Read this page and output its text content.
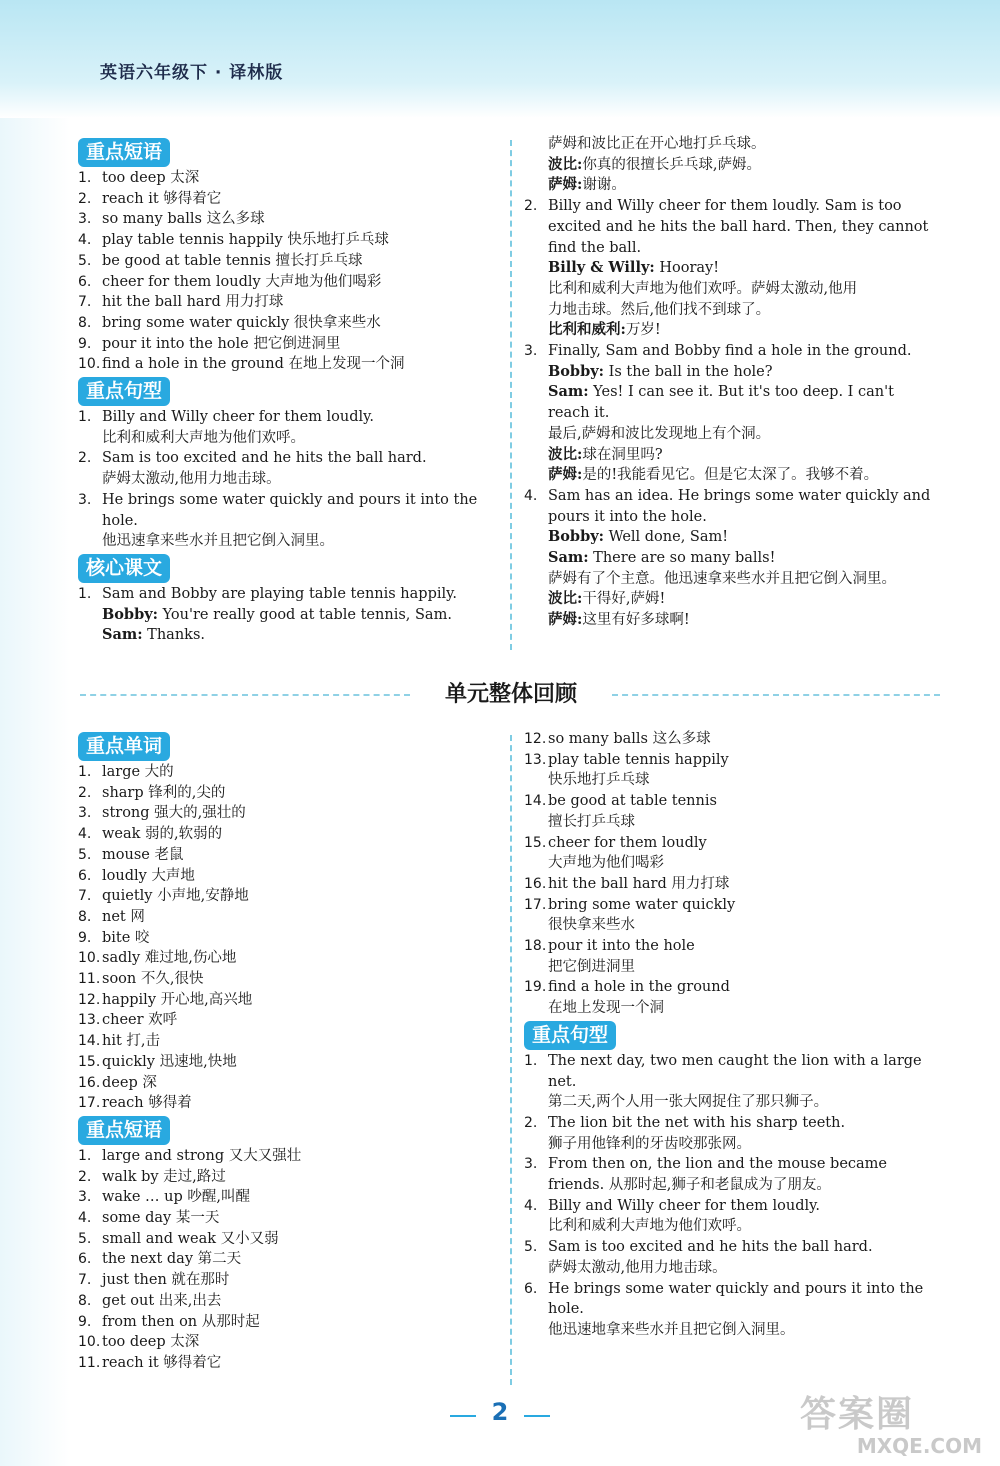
英语六年级下 · 译林版
重点短语
1. too deep 太深
2. reach it 够得着它
3. so many balls 这么多球
4. play table tennis happily 快乐地打乒乓球
5. be good at table tennis 擅长打乒乓球
6. cheer for them loudly 大声地为他们喝彩
7. hit the ball hard 用力打球
8. bring some water quickly 很快拿来些水
9. pour it into the hole 把它倒进洞里
10. find a hole in the ground 在地上发现一个洞
重点句型
1. Billy and Willy cheer for them loudly.
比利和威利大声地为他们欢呼。
2. Sam is too excited and he hits the ball hard.
萨姆太激动,他用力地击球。
3. He brings some water quickly and pours it into the
hole.
他迅速拿来些水并且把它倒入洞里。
核心课文
1. Sam and Bobby are playing table tennis happily.
Bobby: You're really good at table tennis, Sam.
Sam: Thanks.
萨姆和波比正在开心地打乒乓球。
波比:你真的很擅长乒乓球,萨姆。
萨姆:谢谢。
2. Billy and Willy cheer for them loudly. Sam is too
excited and he hits the ball hard. Then, they cannot
find the ball.
Billy & Willy: Hooray!
比利和威利大声地为他们欢呼。萨姆太激动,他用
力地击球。然后,他们找不到球了。
比利和威利:万岁!
3. Finally, Sam and Bobby find a hole in the ground.
Bobby: Is the ball in the hole?
Sam: Yes! I can see it. But it's too deep. I can't
reach it.
最后,萨姆和波比发现地上有个洞。
波比:球在洞里吗?
萨姆:是的!我能看见它。但是它太深了。我够不着。
4. Sam has an idea. He brings some water quickly and
pours it into the hole.
Bobby: Well done, Sam!
Sam: There are so many balls!
萨姆有了个主意。他迅速拿来些水并且把它倒入洞里。
波比:干得好,萨姆!
萨姆:这里有好多球啊!
单元整体回顾
重点单词
1. large 大的
2. sharp 锋利的,尖的
3. strong 强大的,强壮的
4. weak 弱的,软弱的
5. mouse 老鼠
6. loudly 大声地
7. quietly 小声地,安静地
8. net 网
9. bite 咬
10. sadly 难过地,伤心地
11. soon 不久,很快
12. happily 开心地,高兴地
13. cheer 欢呼
14. hit 打,击
15. quickly 迅速地,快地
16. deep 深
17. reach 够得着
重点短语
1. large and strong 又大又强壮
2. walk by 走过,路过
3. wake … up 吵醒,叫醒
4. some day 某一天
5. small and weak 又小又弱
6. the next day 第二天
7. just then 就在那时
8. get out 出来,出去
9. from then on 从那时起
10. too deep 太深
11. reach it 够得着它
12. so many balls 这么多球
13. play table tennis happily
快乐地打乒乓球
14. be good at table tennis
擅长打乒乓球
15. cheer for them loudly
大声地为他们喝彩
16. hit the ball hard 用力打球
17. bring some water quickly
很快拿来些水
18. pour it into the hole
把它倒进洞里
19. find a hole in the ground
在地上发现一个洞
重点句型
1. The next day, two men caught the lion with a large
net.
第二天,两个人用一张大网捉住了那只狮子。
2. The lion bit the net with his sharp teeth.
狮子用他锋利的牙齿咬那张网。
3. From then on, the lion and the mouse became
friends. 从那时起,狮子和老鼠成为了朋友。
4. Billy and Willy cheer for them loudly.
比利和威利大声地为他们欢呼。
5. Sam is too excited and he hits the ball hard.
萨姆太激动,他用力地击球。
6. He brings some water quickly and pours it into the
hole.
他迅速地拿来些水并且把它倒入洞里。
2	答案圈
MXQE.COM
